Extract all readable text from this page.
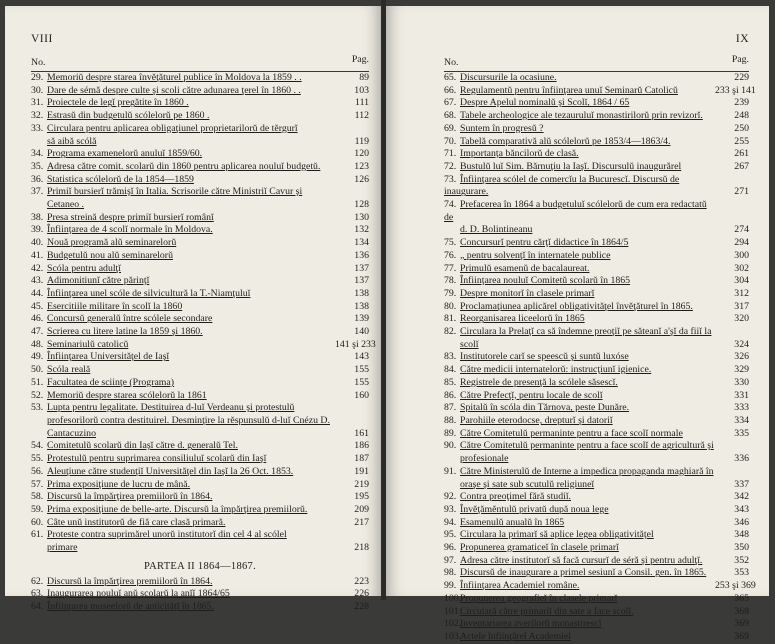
VIII
No.	Pag.
29. Memoriŭ despre starea învĕţăturel publice în Moldova la 1859 . .	89
30. Dare de sémă despre culte şi scoli către adunarea ţerel în 1860 . .	103
31. Proiectele de legĭ pregătite în 1860 .	111
32. Estrasŭ din budgetulŭ scólelorŭ pe 1860 .	112
33. Circulara pentru aplicarea obligaţiunel proprietarilorŭ de tĕrgurĭ
să aibă scólă	119
34. Programa examenelorŭ anuluĭ 1859/60.	120
35. Adresa către comit. scolarŭ din 1860 pentru aplicarea nouluĭ budgetŭ.	123
36. Statistica scólelorŭ de la 1854—1859	126
37. Primiĭ bursierĭ trămişĭ în Italia. Scrisorile către Ministriĭ Cavur şi
Cetaneo .	128
38. Presa streină despre primiĭ bursierĭ românĭ	130
39. Înfiinţarea de 4 scolĭ normale în Moldova.	132
40. Nouă programă alŭ seminarelorŭ	134
41. Budgetulŭ nou alŭ seminarelorŭ	136
42. Scóla pentru adulţĭ	137
43. Adimonitiunĭ către părinţĭ	137
44. Înfiinţarea unel scóle de silvicultură la T.-Niamţuluĭ	138
45. Esercitiile militare în scolĭ la 1860	138
46. Concursŭ generalŭ între scólele secondare	139
47. Scrierea cu litere latine la 1859 şi 1860.	140
48. Seminariulŭ catolicŭ	141 şi 233
49. Înfiinţarea Universităţel de Iaşĭ	143
50. Scóla reală	155
51. Facultatea de sciinţe (Programa)	155
52. Memoriŭ despre starea scólelorŭ la 1861	160
53. Lupta pentru legalitate. Destituirea d-luĭ Verdeanu şi protestulŭ
profesorilorŭ contra destituirel. Desminţire la rĕspunsulŭ d-luĭ Cnézu D. Cantacuzino	161
54. Comitetulŭ scolarŭ din Iaşĭ către d. generalŭ Tel.	186
55. Protestulŭ pentru suprimarea consiliuluĭ scolarŭ din Iaşĭ	187
56. Aleuţiune către studenţiĭ Universităţel din Iaşĭ la 26 Oct. 1853.	191
57. Prima exposiţiune de lucru de mână.	219
58. Discursŭ la împărţirea premiilorŭ în 1864.	195
59. Prima exposiţiune de belle-arte. Discursŭ la împărţirea premiilorŭ.	209
60. Câte unŭ institutorŭ de fiă care clasă primară.	217
61. Proteste contra suprimărel unorŭ institutorĭ din cel 4 al scólel
primare	218
PARTEA II 1864—1867.
62. Discursŭ la împărţirea premiilorŭ în 1864.	223
63. Inaugurarea nouluĭ anŭ scolarŭ la anĭĭ 1864/65	226
64. Înfiinţarea museelorŭ de anticităţĭ în 1865.	228
IX
No.	Pag.
65. Discursurile la ocasiune.	229
66. Regulamentŭ pentru înfiinţarea unuĭ Seminarŭ Catolicŭ	233 şi 141
67. Despre Apelul nominalŭ şi Scolĭ, 1864 / 65	239
68. Tabele archeologice ale tezauruluĭ monastirilorŭ prin revizorĭ.	248
69. Suntem în progresŭ ?	250
70. Tabelă comparativă alŭ scólelorŭ pe 1853/4—1863/4.	255
71. Importanţa băncilorŭ de clasă.	261
72. Bustulŭ luĭ Sim. Bărnuţiu la Iaşĭ. Discursulŭ inaugurărel	267
73. Înfiinţarea scólel de comercĭu la Bucurescĭ. Discursŭ de inaugurare.	271
74. Prefacerea în 1864 a budgetuluĭ scólelorŭ de cum era redactatŭ de
d. D. Bolintineanu	274
75. Concursurĭ pentru cărţĭ didactice în 1864/5	294
76. „ pentru solvenţĭ în internatele publice	300
77. Primulŭ esamenŭ de bacalaureat.	302
78. Înfiinţarea nouluĭ Comitetŭ scolarŭ în 1865	304
79. Despre monitorĭ în clasele primarĭ	312
80. Proclamaţiunea aplicărel obligativităţel învĕţăturel în 1865.	317
81. Reorganisarea liceelorŭ în 1865	320
82. Circulara la Prelaţĭ ca să îndemne preoţiĭ pe săteanĭ a'şĭ da fiiĭ la
scolĭ	324
83. Institutorele carĭ se speescŭ şi suntŭ luxóse	326
84. Către medicii internatelorŭ: instrucţiunĭ igienice.	329
85. Registrele de presenţă la scólele săsescĭ.	330
86. Către Prefecţĭ, pentru locale de scolĭ	331
87. Spitalŭ în scóla din Tărnova, peste Dunăre.	333
88. Parohiile eterodocse, drepturĭ şi datoriĭ	334
89. Către Comitetulŭ permaninte pentru a face scolĭ normale	335
90. Către Comitetulŭ permaninte pentru a face scolĭ de agricultură şi
profesionale	336
91. Către Ministerulŭ de Interne a impedica propaganda maghiară în
oraşe şi sate sub scutulŭ religiuneĭ	337
92. Contra preoţimel fără studiĭ.	342
93. Învĕţămĕntulŭ privatŭ după noua lege	343
94. Esamenulŭ anualŭ în 1865	346
95. Circulara la primarĭ să aplice legea obligativităţel	348
96. Propunerea gramaticeĭ în clasele primarĭ	350
97. Adresa către institutorĭ să facă cursurĭ de séră şi pentru adulţĭ.	352
98. Discursŭ de inaugurare a primel sesiunĭ a Consil. gen. în 1865.	353
99. Înfiinţarea Academiel române.	253 şi 369
100.Propunerea geografieĭ în clasele primarĭ	365
101.Circulară către primariĭ din sate a face scolĭ.	368
102.Inventariarea averilorŭ monastirescĭ	369
103.Actele înfiinţărel Academiel	369
